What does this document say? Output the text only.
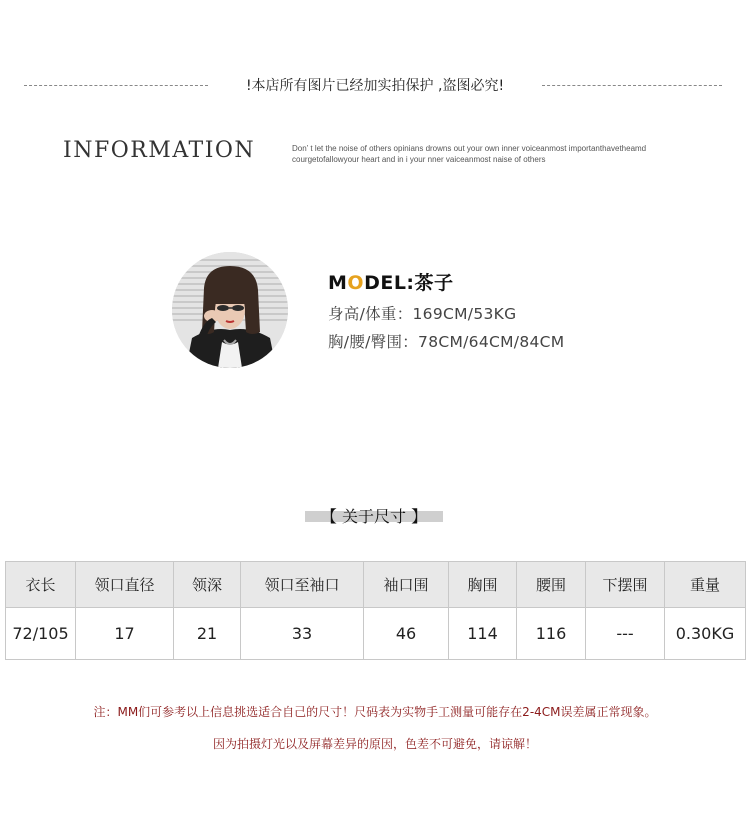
!本店所有图片已经加实拍保护 ,盗图必究!
INFORMATION	Don’ t let the noise of others opinians drowns out your own inner voiceanmost importanthavetheamd
courgetofallowyour heart and in i your nner vaiceanmost naise of others
MODEL:茶子
身高/体重：169CM/53KG
胸/腰/臀围：78CM/64CM/84CM
【 关于尺寸 】
衣长	领口直径	领深	领口至袖口	袖口围	胸围	腰围	下摆围	重量
72/105	17	21	33	46	114	116	---	0.30KG
注：MM们可参考以上信息挑选适合自己的尺寸！尺码表为实物手工测量可能存在2-4CM误差属正常现象。
因为拍摄灯光以及屏幕差异的原因，色差不可避免，请谅解！
